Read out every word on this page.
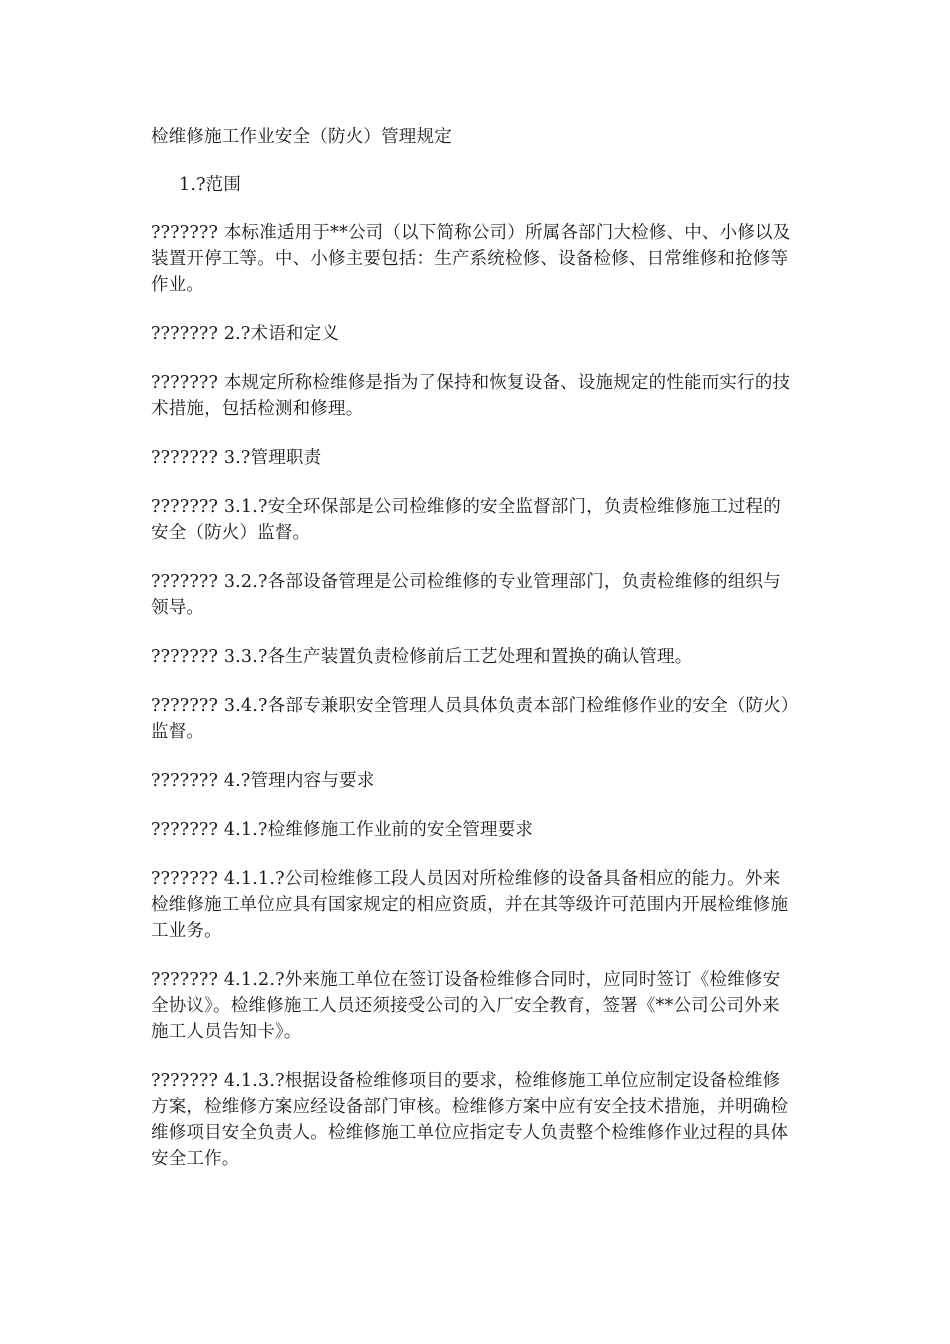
检维修施工作业安全（防火）管理规定

1.?范围

??????? 本标准适用于**公司（以下简称公司）所属各部门大检修、中、小修以及装置开停工等。中、小修主要包括：生产系统检修、设备检修、日常维修和抢修等作业。

??????? 2.?术语和定义

??????? 本规定所称检维修是指为了保持和恢复设备、设施规定的性能而实行的技术措施，包括检测和修理。

??????? 3.?管理职责

??????? 3.1.?安全环保部是公司检维修的安全监督部门，负责检维修施工过程的安全（防火）监督。

??????? 3.2.?各部设备管理是公司检维修的专业管理部门，负责检维修的组织与领导。

??????? 3.3.?各生产装置负责检修前后工艺处理和置换的确认管理。

??????? 3.4.?各部专兼职安全管理人员具体负责本部门检维修作业的安全（防火）监督。

??????? 4.?管理内容与要求

??????? 4.1.?检维修施工作业前的安全管理要求

??????? 4.1.1.?公司检维修工段人员因对所检维修的设备具备相应的能力。外来检维修施工单位应具有国家规定的相应资质，并在其等级许可范围内开展检维修施工业务。

??????? 4.1.2.?外来施工单位在签订设备检维修合同时，应同时签订《检维修安全协议》。检维修施工人员还须接受公司的入厂安全教育，签署《**公司公司外来施工人员告知卡》。

??????? 4.1.3.?根据设备检维修项目的要求，检维修施工单位应制定设备检维修方案，检维修方案应经设备部门审核。检维修方案中应有安全技术措施，并明确检维修项目安全负责人。检维修施工单位应指定专人负责整个检维修作业过程的具体安全工作。
